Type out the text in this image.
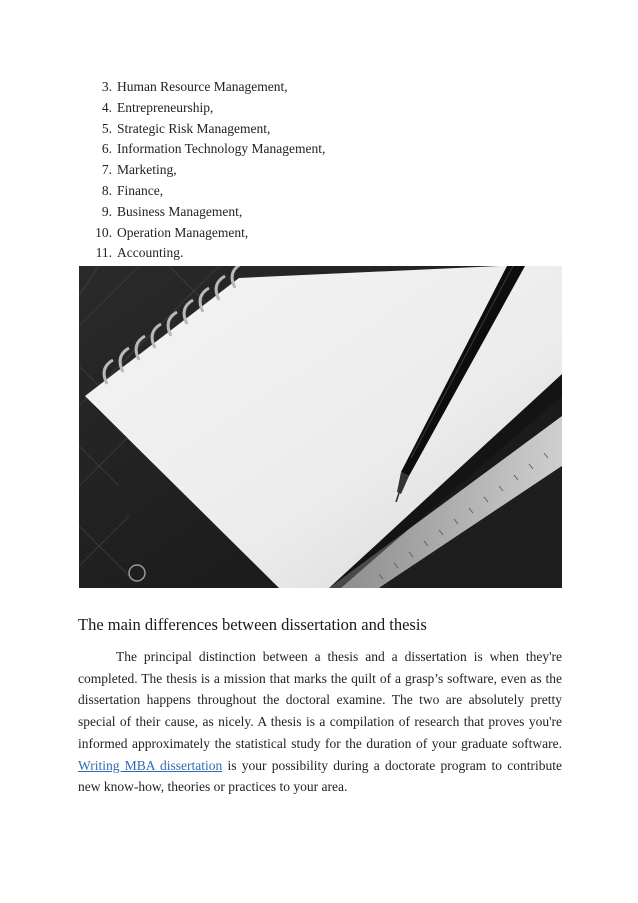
3. Human Resource Management,
4. Entrepreneurship,
5. Strategic Risk Management,
6. Information Technology Management,
7. Marketing,
8. Finance,
9. Business Management,
10. Operation Management,
11. Accounting.
The main differences between dissertation and thesis

The principal distinction between a thesis and a dissertation is when they're completed. The thesis is a mission that marks the quilt of a grasp’s software, even as the dissertation happens throughout the doctoral examine. The two are absolutely pretty special of their cause, as nicely. A thesis is a compilation of research that proves you're informed approximately the statistical study for the duration of your graduate software. Writing MBA dissertation is your possibility during a doctorate program to contribute new know-how, theories or practices to your area.
